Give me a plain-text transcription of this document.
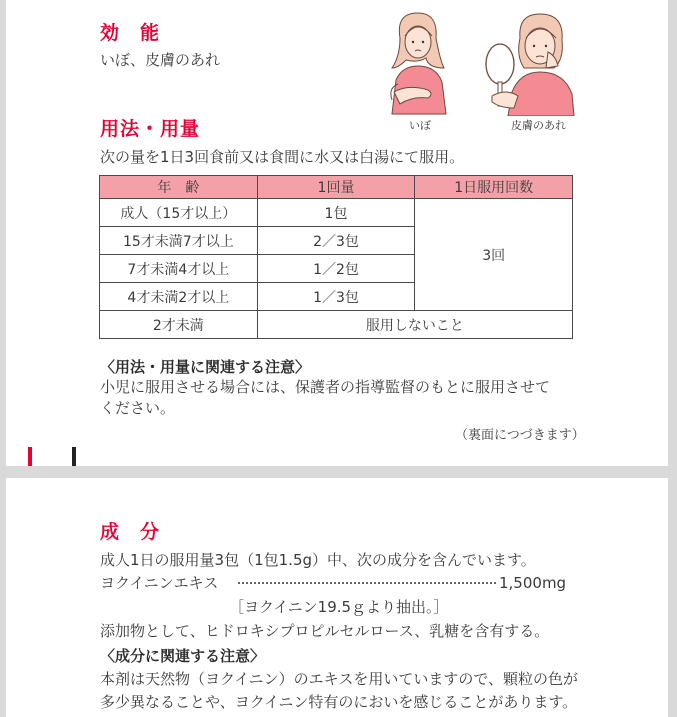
効　能

いぼ、皮膚のあれ

いぼ	皮膚のあれ
用法・用量

次の量を1日3回食前又は食間に水又は白湯にて服用。

年　齢	1回量	1日服用回数
成人（15才以上）	1包	3回
15才未満7才以上	2／3包	
7才未満4才以上	1／2包	
4才未満2才以上	1／3包	
2才未満	服用しないこと	

〈用法・用量に関連する注意〉

小児に服用させる場合には、保護者の指導監督のもとに服用させて

ください。

（裏面につづきます）

成　分

成人1日の服用量3包（1包1.5g）中、次の成分を含んでいます。

ヨクイニンエキス	1,500mg

［ヨクイニン19.5ｇより抽出。］

添加物として、ヒドロキシプロピルセルロース、乳糖を含有する。

〈成分に関連する注意〉

本剤は天然物（ヨクイニン）のエキスを用いていますので、顆粒の色が

多少異なることや、ヨクイニン特有のにおいを感じることがあります。
